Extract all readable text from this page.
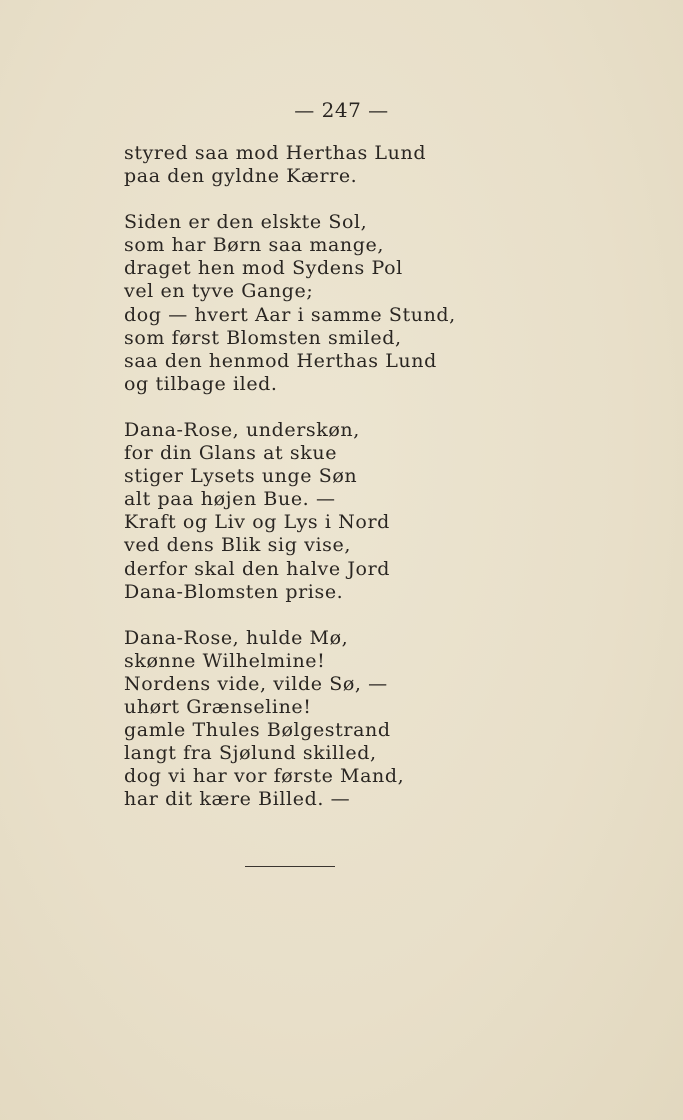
— 247 —
styred saa mod Herthas Lund
paa den gyldne Kærre.
Siden er den elskte Sol,
som har Børn saa mange,
draget hen mod Sydens Pol
vel en tyve Gange;
dog — hvert Aar i samme Stund,
som først Blomsten smiled,
saa den henmod Herthas Lund
og tilbage iled.
Dana-Rose, underskøn,
for din Glans at skue
stiger Lysets unge Søn
alt paa højen Bue. —
Kraft og Liv og Lys i Nord
ved dens Blik sig vise,
derfor skal den halve Jord
Dana-Blomsten prise.
Dana-Rose, hulde Mø,
skønne Wilhelmine!
Nordens vide, vilde Sø, —
uhørt Grænseline!
gamle Thules Bølgestrand
langt fra Sjølund skilled,
dog vi har vor første Mand,
har dit kære Billed. —
